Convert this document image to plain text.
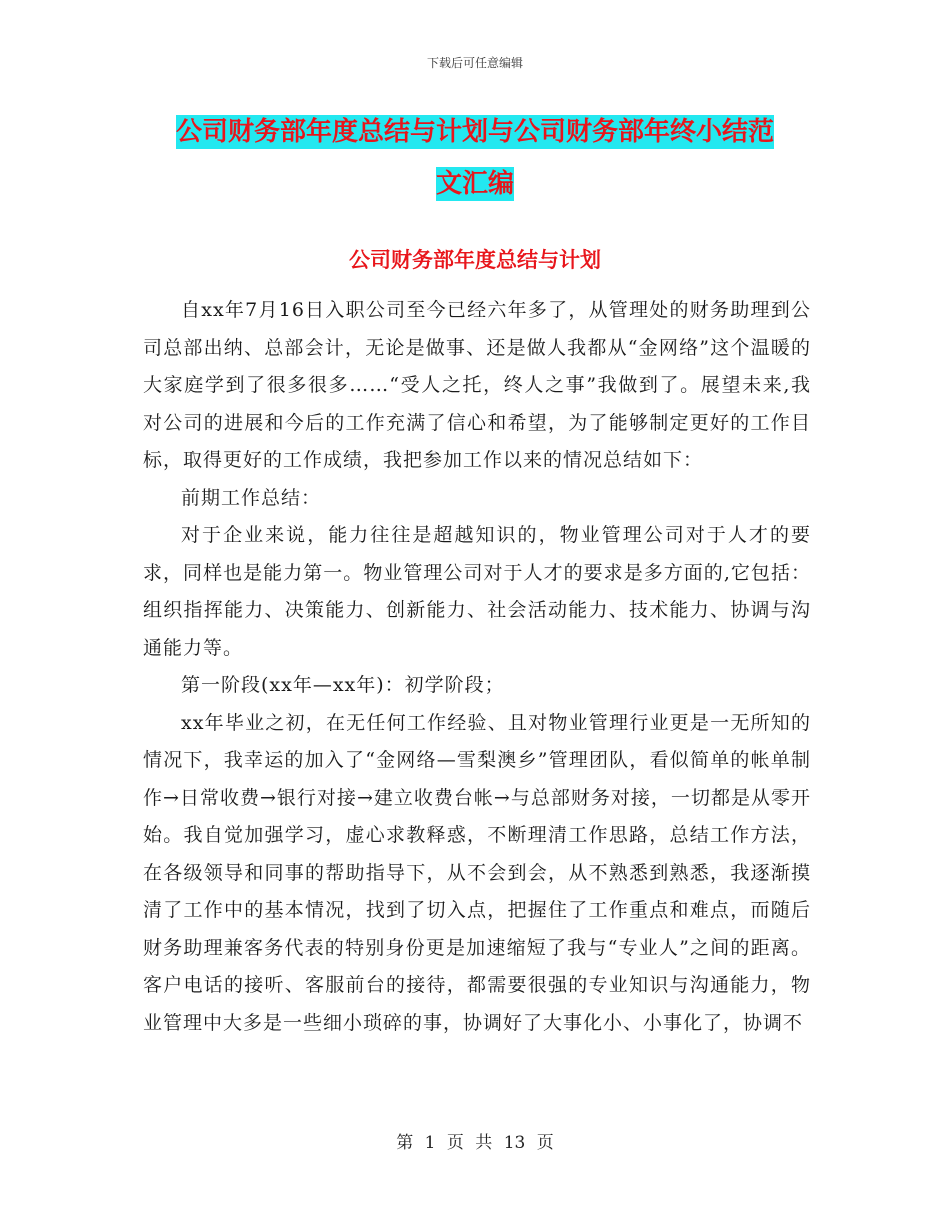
下载后可任意编辑
公司财务部年度总结与计划与公司财务部年终小结范
文汇编
公司财务部年度总结与计划

自xx年7月16日入职公司至今已经六年多了，从管理处的财务助理到公司总部出纳、总部会计，无论是做事、还是做人我都从“金网络”这个温暖的大家庭学到了很多很多……“受人之托，终人之事”我做到了。展望未来,我对公司的进展和今后的工作充满了信心和希望，为了能够制定更好的工作目标，取得更好的工作成绩，我把参加工作以来的情况总结如下：

前期工作总结：

对于企业来说，能力往往是超越知识的，物业管理公司对于人才的要求，同样也是能力第一。物业管理公司对于人才的要求是多方面的,它包括：组织指挥能力、决策能力、创新能力、社会活动能力、技术能力、协调与沟通能力等。

第一阶段(xx年—xx年)：初学阶段；

xx年毕业之初，在无任何工作经验、且对物业管理行业更是一无所知的情况下，我幸运的加入了“金网络—雪梨澳乡”管理团队，看似简单的帐单制作→日常收费→银行对接→建立收费台帐→与总部财务对接，一切都是从零开始。我自觉加强学习，虚心求教释惑，不断理清工作思路，总结工作方法，在各级领导和同事的帮助指导下，从不会到会，从不熟悉到熟悉，我逐渐摸清了工作中的基本情况，找到了切入点，把握住了工作重点和难点，而随后财务助理兼客务代表的特别身份更是加速缩短了我与“专业人”之间的距离。客户电话的接听、客服前台的接待，都需要很强的专业知识与沟通能力，物业管理中大多是一些细小琐碎的事，协调好了大事化小、小事化了，协调不

第 1 页 共 13 页
